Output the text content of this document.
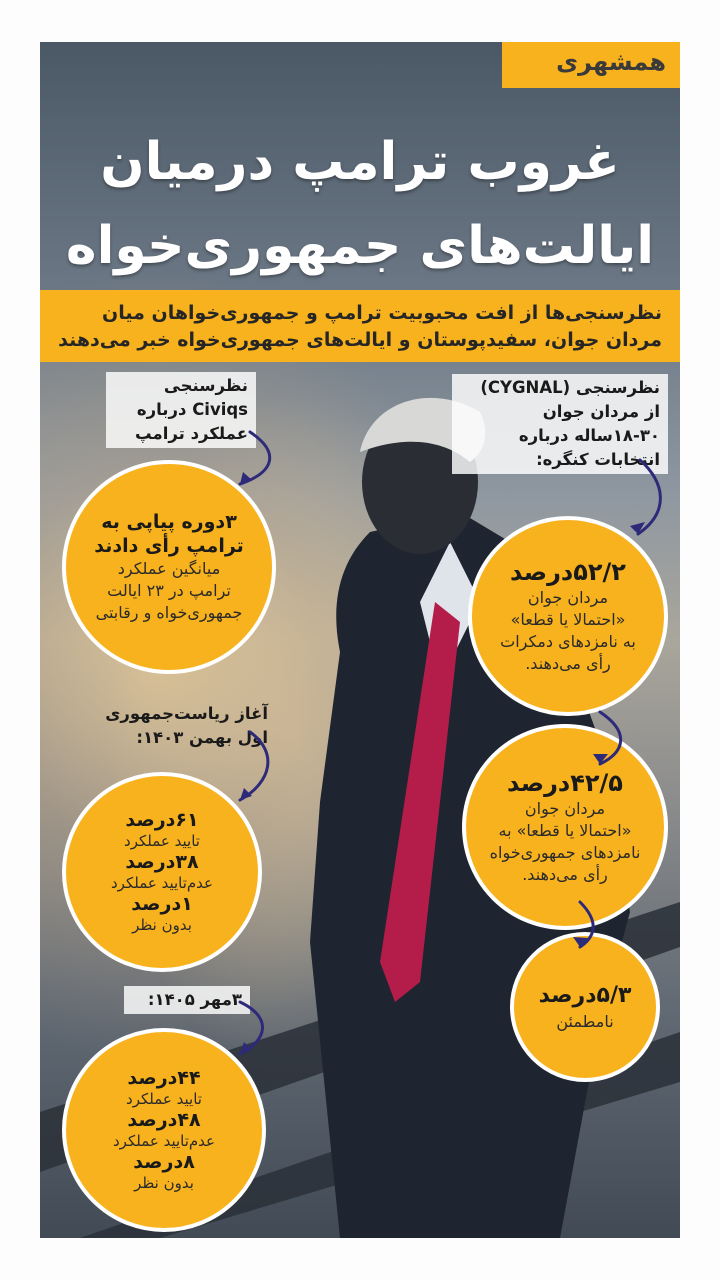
همشهری
غروب ترامپ درمیان
ایالت‌های جمهوری‌خواه

نظرسنجی‌ها از افت محبوبیت ترامپ و جمهوری‌خواهان میان مردان جوان، سفیدپوستان و ایالت‌های جمهوری‌خواه خبر می‌دهند

نظرسنجی (CYGNAL)
از مردان جوان
۱۸-۳۰ساله درباره
انتخابات کنگره:
۵۲/۲درصد
مردان جوان
«احتمالا یا قطعا»
به نامزدهای دمکرات
رأی می‌دهند.
۴۲/۵درصد
مردان جوان
«احتمالا یا قطعا» به
نامزدهای جمهوری‌خواه
رأی می‌دهند.
۵/۳درصد
نامطمئن
نظرسنجی
Civiqs درباره
عملکرد ترامپ
۳دوره پیاپی به
ترامپ رأی دادند
میانگین عملکرد
ترامپ در ۲۳ ایالت
جمهوری‌خواه و رقابتی
آغاز ریاست‌جمهوری
اول بهمن ۱۴۰۳:
۶۱درصد
تایید عملکرد
۳۸درصد
عدم‌تایید عملکرد
۱درصد
بدون نظر
۳مهر ۱۴۰۵:
۴۴درصد
تایید عملکرد
۴۸درصد
عدم‌تایید عملکرد
۸درصد
بدون نظر
